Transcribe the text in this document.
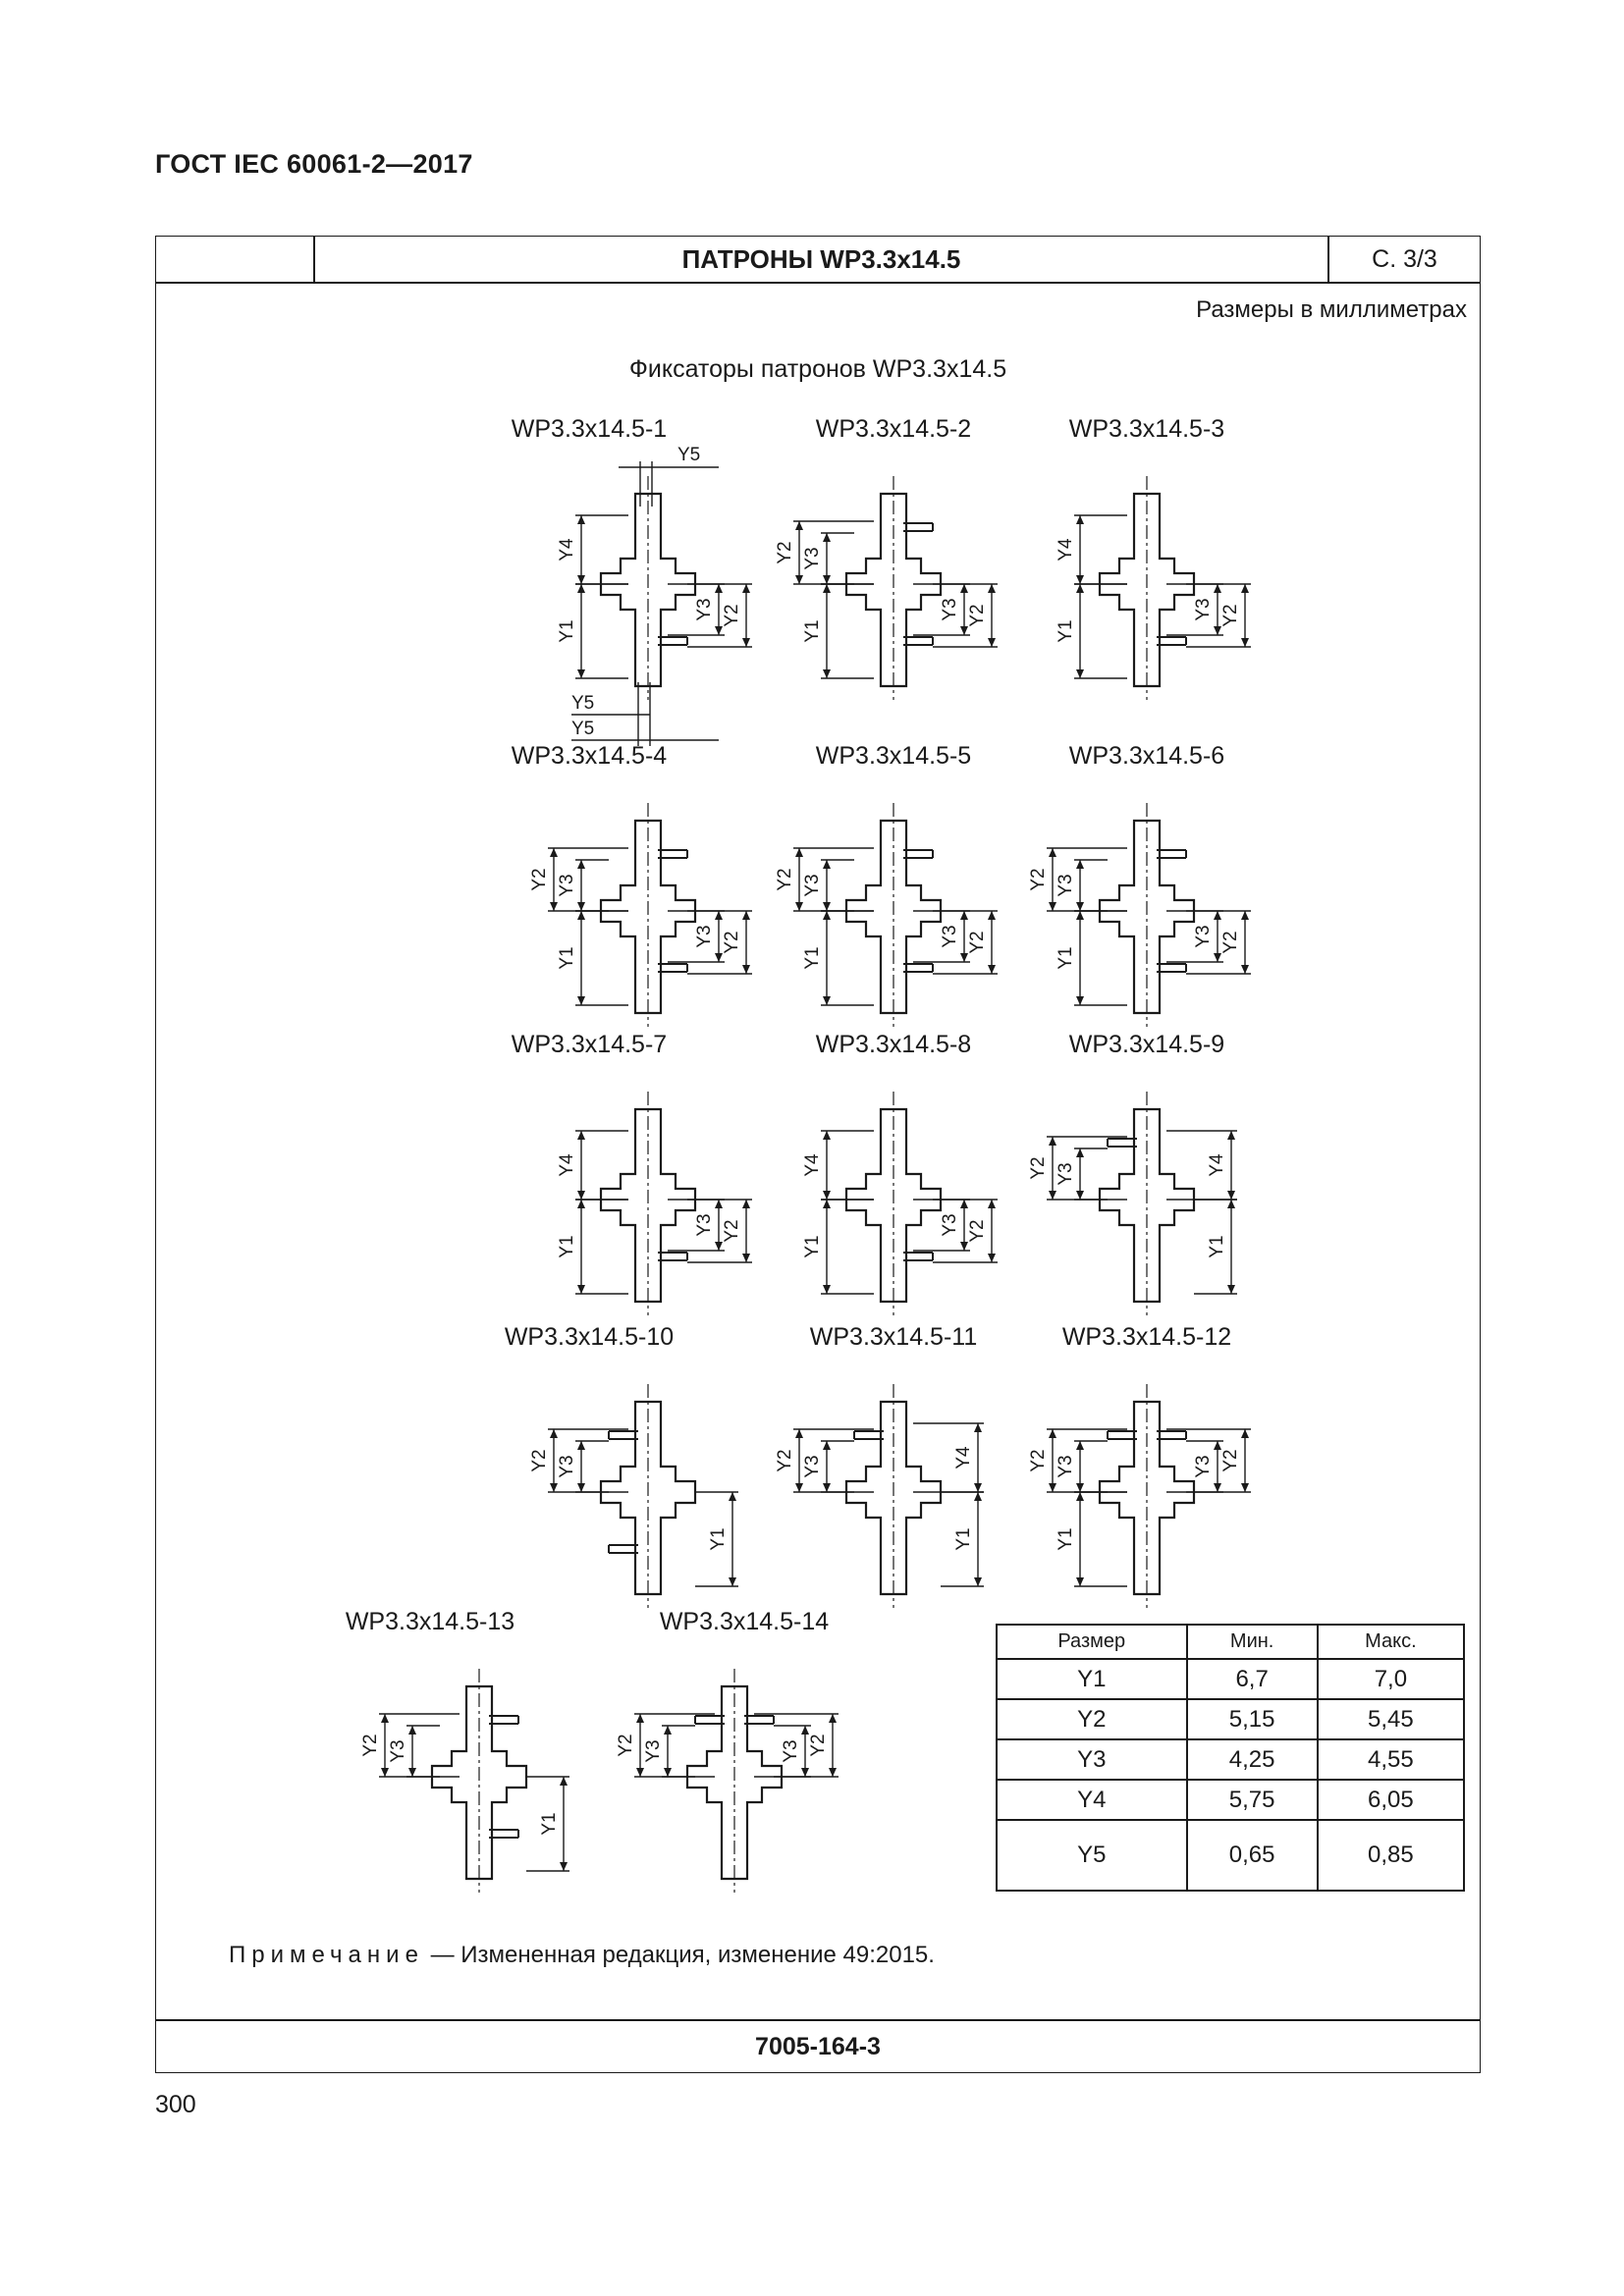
ГОСТ IEC 60061-2—2017
ПАТРОНЫ WP3.3х14.5	С. 3/3
Размеры в миллиметрах
Фиксаторы патронов WP3.3х14.5
WP3.3х14.5-1
Y4
Y1
Y3 Y2
Y5
Y5
Y5
WP3.3х14.5-2
Y2 Y3
Y1
Y3 Y2
WP3.3х14.5-3
Y4
Y1
Y3 Y2
WP3.3х14.5-4
Y2 Y3
Y1
Y3 Y2
WP3.3х14.5-5
Y2 Y3
Y1
Y3 Y2
WP3.3х14.5-6
Y2 Y3
Y1
Y3 Y2
WP3.3х14.5-7
Y4
Y1
Y3 Y2
WP3.3х14.5-8
Y4
Y1
Y3 Y2
WP3.3х14.5-9
Y2 Y3
Y1
Y4
WP3.3х14.5-10
Y2 Y3
Y1
WP3.3х14.5-11
Y2 Y3
Y1
Y4
WP3.3х14.5-12
Y2 Y3
Y1
Y3 Y2
WP3.3х14.5-13
Y2 Y3
Y1
WP3.3х14.5-14
Y2 Y3	Y3 Y2
Размер	Мин.	Макс.
Y1	6,7	7,0
Y2	5,15	5,45
Y3	4,25	4,55
Y4	5,75	6,05
Y5	0,65	0,85
Примечание — Измененная редакция, изменение 49:2015.
7005-164-3
300
